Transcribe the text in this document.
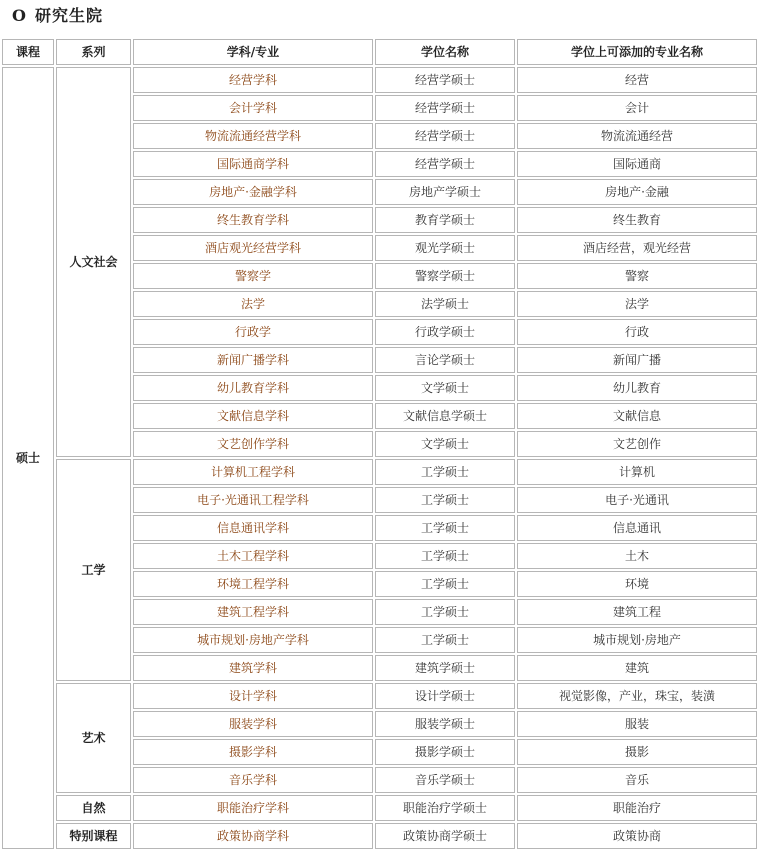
O 研究生院
课程	系列	学科/专业	学位名称	学位上可添加的专业名称
硕士	人文社会	经营学科	经营学硕士	经营
		会计学科	经营学硕士	会计
		物流流通经营学科	经营学硕士	物流流通经营
		国际通商学科	经营学硕士	国际通商
		房地产·金融学科	房地产学硕士	房地产·金融
		终生教育学科	教育学硕士	终生教育
		酒店观光经营学科	观光学硕士	酒店经营，观光经营
		警察学	警察学硕士	警察
		法学	法学硕士	法学
		行政学	行政学硕士	行政
		新闻广播学科	言论学硕士	新闻广播
		幼儿教育学科	文学硕士	幼儿教育
		文献信息学科	文献信息学硕士	文献信息
		文艺创作学科	文学硕士	文艺创作
	工学	计算机工程学科	工学硕士	计算机
		电子·光通讯工程学科	工学硕士	电子·光通讯
		信息通讯学科	工学硕士	信息通讯
		土木工程学科	工学硕士	土木
		环境工程学科	工学硕士	环境
		建筑工程学科	工学硕士	建筑工程
		城市规划·房地产学科	工学硕士	城市规划·房地产
		建筑学科	建筑学硕士	建筑
	艺术	设计学科	设计学硕士	视觉影像，产业，珠宝，装潢
		服装学科	服装学硕士	服装
		摄影学科	摄影学硕士	摄影
		音乐学科	音乐学硕士	音乐
	自然	职能治疗学科	职能治疗学硕士	职能治疗
	特别课程	政策协商学科	政策协商学硕士	政策协商
